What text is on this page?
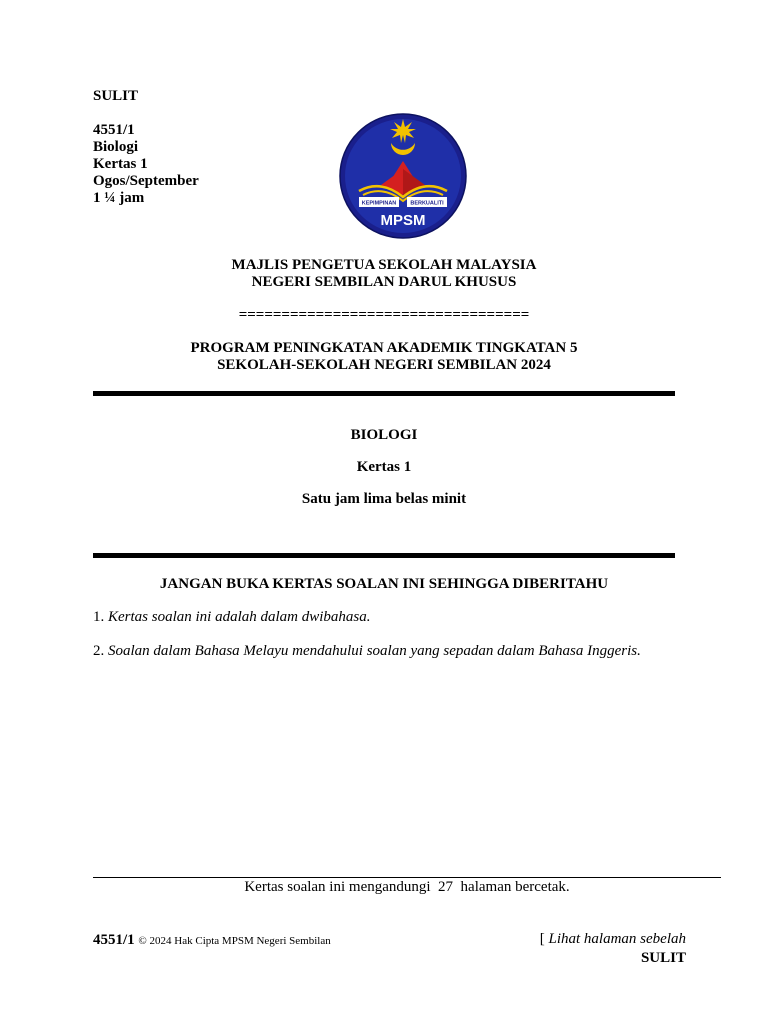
SULIT
4551/1
Biologi
Kertas 1
Ogos/September
1 ¼ jam	KEPIMPINAN	BERKUALITI
MPSM
MAJLIS PENGETUA SEKOLAH MALAYSIA
NEGERI SEMBILAN DARUL KHUSUS
==================================
PROGRAM PENINGKATAN AKADEMIK TINGKATAN 5
SEKOLAH-SEKOLAH NEGERI SEMBILAN 2024
BIOLOGI
Kertas 1
Satu jam lima belas minit
JANGAN BUKA KERTAS SOALAN INI SEHINGGA DIBERITAHU
1. Kertas soalan ini adalah dalam dwibahasa.
2. Soalan dalam Bahasa Melayu mendahului soalan yang sepadan dalam Bahasa Inggeris.
Kertas soalan ini mengandungi  27  halaman bercetak.
4551/1 © 2024 Hak Cipta MPSM Negeri Sembilan	[ Lihat halaman sebelah
SULIT
